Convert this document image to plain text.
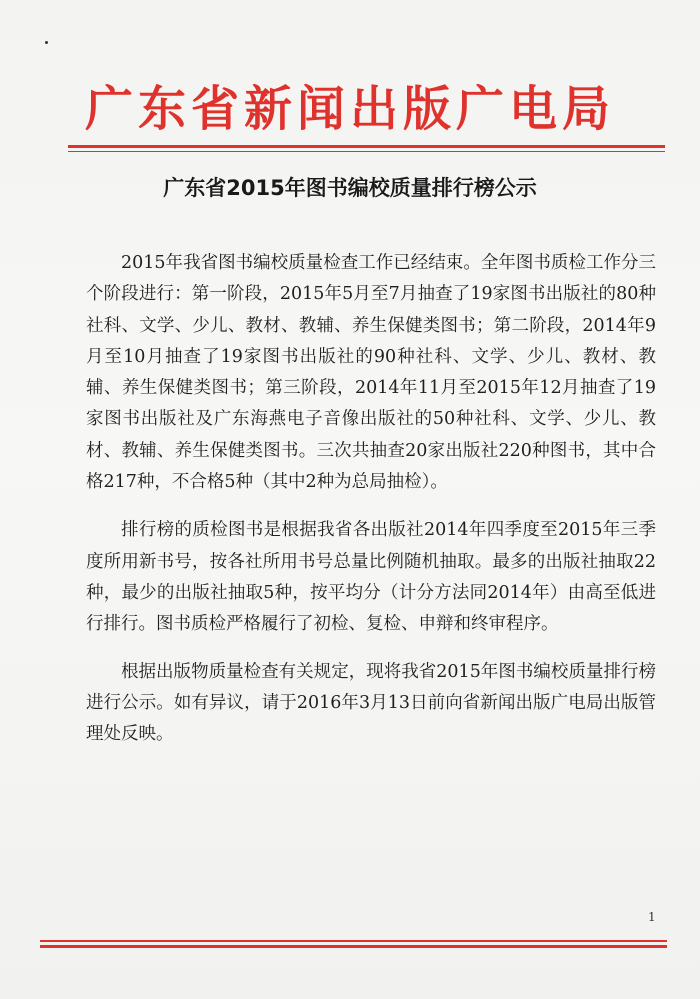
广东省新闻出版广电局
广东省2015年图书编校质量排行榜公示

2015年我省图书编校质量检查工作已经结束。全年图书质检工作分三个阶段进行：第一阶段，2015年5月至7月抽查了19家图书出版社的80种社科、文学、少儿、教材、教辅、养生保健类图书；第二阶段，2014年9月至10月抽查了19家图书出版社的90种社科、文学、少儿、教材、教辅、养生保健类图书；第三阶段，2014年11月至2015年12月抽查了19家图书出版社及广东海燕电子音像出版社的50种社科、文学、少儿、教材、教辅、养生保健类图书。三次共抽查20家出版社220种图书，其中合格217种，不合格5种（其中2种为总局抽检）。

排行榜的质检图书是根据我省各出版社2014年四季度至2015年三季度所用新书号，按各社所用书号总量比例随机抽取。最多的出版社抽取22种，最少的出版社抽取5种，按平均分（计分方法同2014年）由高至低进行排行。图书质检严格履行了初检、复检、申辩和终审程序。

根据出版物质量检查有关规定，现将我省2015年图书编校质量排行榜进行公示。如有异议，请于2016年3月13日前向省新闻出版广电局出版管理处反映。

1
